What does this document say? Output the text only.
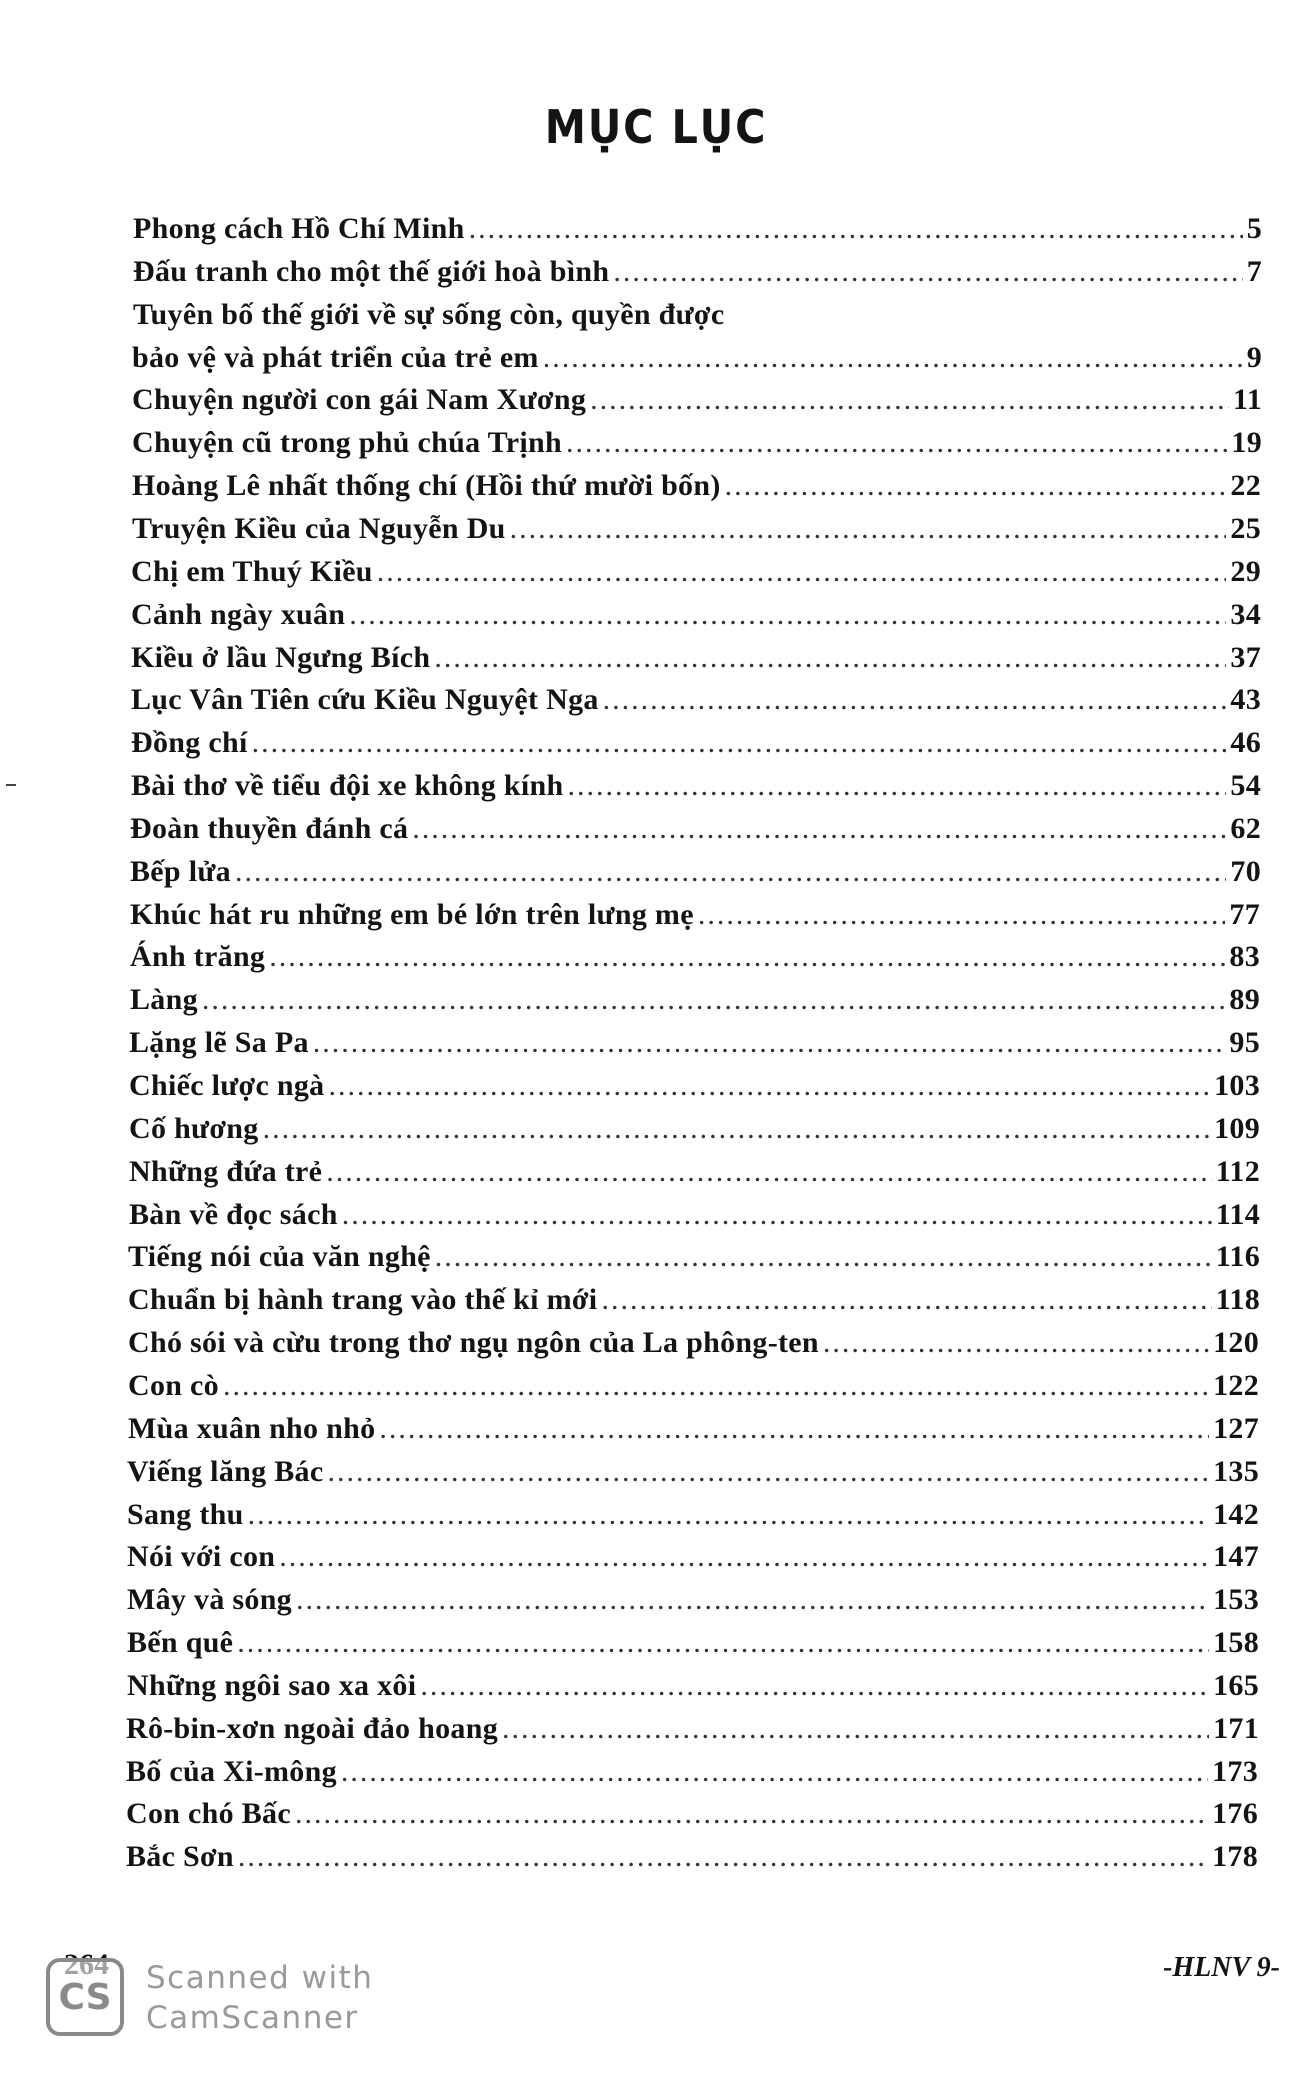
MỤC LỤC
Phong cách Hồ Chí Minh .....	5
Đấu tranh cho một thế giới hoà bình .....	7
Tuyên bố thế giới về sự sống còn, quyền được
bảo vệ và phát triển của trẻ em .....	9
Chuyện người con gái Nam Xương .....	11
Chuyện cũ trong phủ chúa Trịnh .....	19
Hoàng Lê nhất thống chí (Hồi thứ mười bốn) .....	22
Truyện Kiều của Nguyễn Du .....	25
Chị em Thuý Kiều .....	29
Cảnh ngày xuân .....	34
Kiều ở lầu Ngưng Bích .....	37
Lục Vân Tiên cứu Kiều Nguyệt Nga .....	43
Đồng chí .....	46
Bài thơ về tiểu đội xe không kính .....	54
Đoàn thuyền đánh cá .....	62
Bếp lửa .....	70
Khúc hát ru những em bé lớn trên lưng mẹ .....	77
Ánh trăng .....	83
Làng .....	89
Lặng lẽ Sa Pa .....	95
Chiếc lược ngà .....	103
Cố hương .....	109
Những đứa trẻ .....	112
Bàn về đọc sách .....	114
Tiếng nói của văn nghệ .....	116
Chuẩn bị hành trang vào thế kỉ mới .....	118
Chó sói và cừu trong thơ ngụ ngôn của La phông-ten .....	120
Con cò .....	122
Mùa xuân nho nhỏ .....	127
Viếng lăng Bác .....	135
Sang thu .....	142
Nói với con .....	147
Mây và sóng .....	153
Bến quê .....	158
Những ngôi sao xa xôi .....	165
Rô-bin-xơn ngoài đảo hoang .....	171
Bố của Xi-mông .....	173
Con chó Bấc .....	176
Bắc Sơn .....	178
-HLNV 9-
CS	Scanned with
CamScanner
